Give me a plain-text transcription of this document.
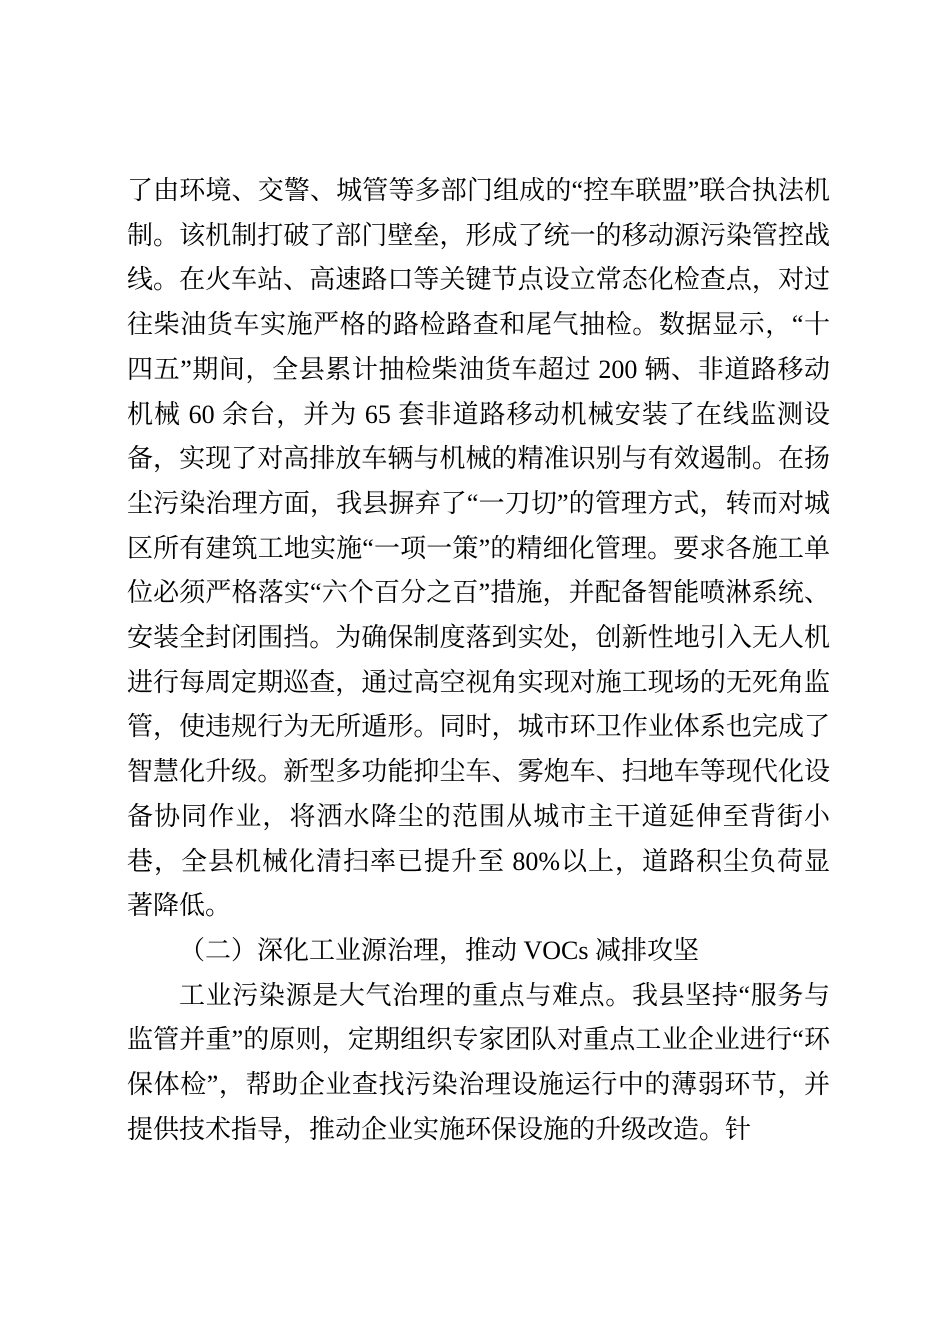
了由环境、交警、城管等多部门组成的“控车联盟”联合执法机制。该机制打破了部门壁垒，形成了统一的移动源污染管控战线。在火车站、高速路口等关键节点设立常态化检查点，对过往柴油货车实施严格的路检路查和尾气抽检。数据显示，“十四五”期间，全县累计抽检柴油货车超过 200 辆、非道路移动机械 60 余台，并为 65 套非道路移动机械安装了在线监测设备，实现了对高排放车辆与机械的精准识别与有效遏制。在扬尘污染治理方面，我县摒弃了“一刀切”的管理方式，转而对城区所有建筑工地实施“一项一策”的精细化管理。要求各施工单位必须严格落实“六个百分之百”措施，并配备智能喷淋系统、安装全封闭围挡。为确保制度落到实处，创新性地引入无人机进行每周定期巡查，通过高空视角实现对施工现场的无死角监管，使违规行为无所遁形。同时，城市环卫作业体系也完成了智慧化升级。新型多功能抑尘车、雾炮车、扫地车等现代化设备协同作业，将洒水降尘的范围从城市主干道延伸至背街小巷，全县机械化清扫率已提升至 80%以上，道路积尘负荷显著降低。

（二）深化工业源治理，推动 VOCs 减排攻坚

工业污染源是大气治理的重点与难点。我县坚持“服务与监管并重”的原则，定期组织专家团队对重点工业企业进行“环保体检”，帮助企业查找污染治理设施运行中的薄弱环节，并提供技术指导，推动企业实施环保设施的升级改造。针
